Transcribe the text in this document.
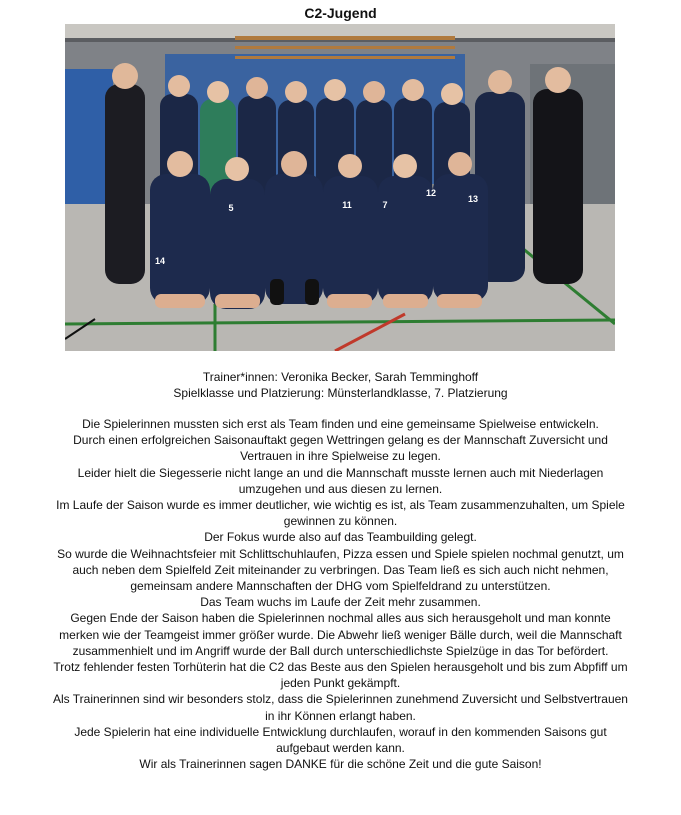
C2-Jugend
14
5	11	7
12
13
Trainer*innen: Veronika Becker, Sarah Temminghoff
Spielklasse und Platzierung: Münsterlandklasse, 7. Platzierung

Die Spielerinnen mussten sich erst als Team finden und eine gemeinsame Spielweise entwickeln.

Durch einen erfolgreichen Saisonauftakt gegen Wettringen gelang es der Mannschaft Zuversicht und Vertrauen in ihre Spielweise zu legen.

Leider hielt die Siegesserie nicht lange an und die Mannschaft musste lernen auch mit Niederlagen umzugehen und aus diesen zu lernen.

Im Laufe der Saison wurde es immer deutlicher, wie wichtig es ist, als Team zusammenzuhalten, um Spiele gewinnen zu können.

Der Fokus wurde also auf das Teambuilding gelegt.

So wurde die Weihnachtsfeier mit Schlittschuhlaufen, Pizza essen und Spiele spielen nochmal genutzt, um auch neben dem Spielfeld Zeit miteinander zu verbringen. Das Team ließ es sich auch nicht nehmen, gemeinsam andere Mannschaften der DHG vom Spielfeldrand zu unterstützen.

Das Team wuchs im Laufe der Zeit mehr zusammen.

Gegen Ende der Saison haben die Spielerinnen nochmal alles aus sich herausgeholt und man konnte merken wie der Teamgeist immer größer wurde. Die Abwehr ließ weniger Bälle durch, weil die Mannschaft zusammenhielt und im Angriff wurde der Ball durch unterschiedlichste Spielzüge in das Tor befördert.

Trotz fehlender festen Torhüterin hat die C2 das Beste aus den Spielen herausgeholt und bis zum Abpfiff um jeden Punkt gekämpft.

Als Trainerinnen sind wir besonders stolz, dass die Spielerinnen zunehmend Zuversicht und Selbstvertrauen in ihr Können erlangt haben.

Jede Spielerin hat eine individuelle Entwicklung durchlaufen, worauf in den kommenden Saisons gut aufgebaut werden kann.

Wir als Trainerinnen sagen DANKE für die schöne Zeit und die gute Saison!
